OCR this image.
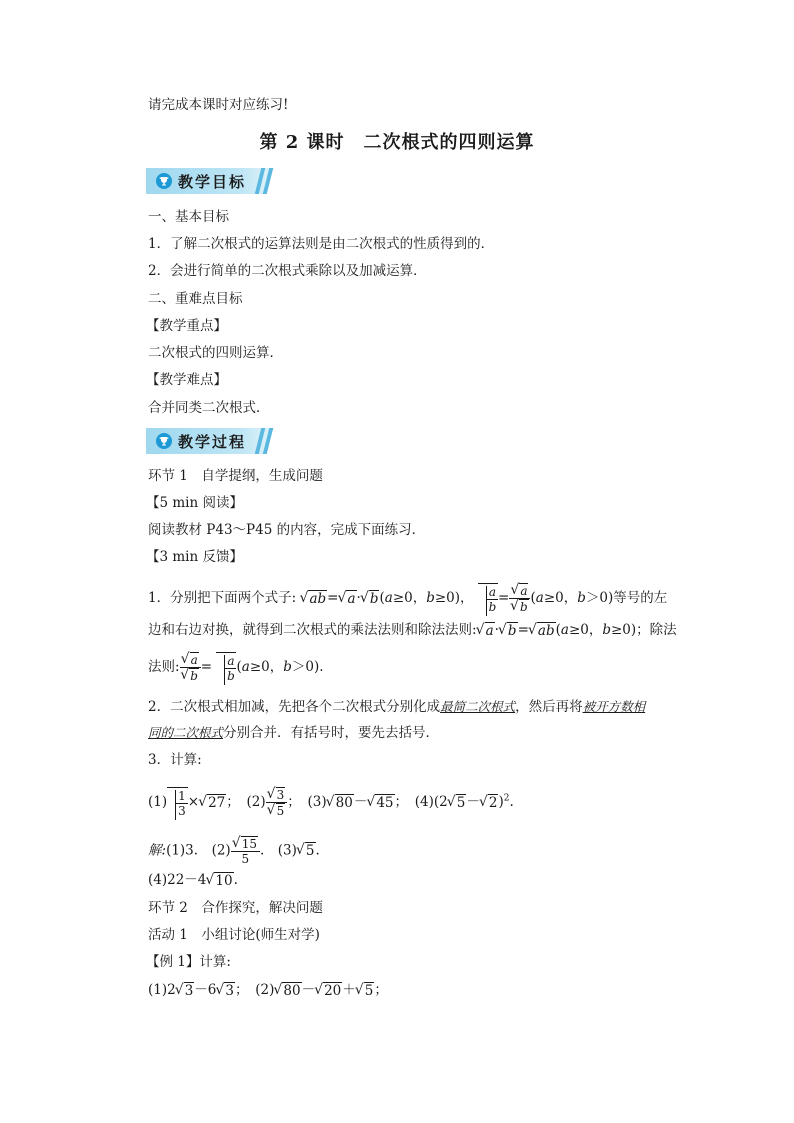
请完成本课时对应练习!
第 2 课时　二次根式的四则运算
教学目标
一、基本目标
1．了解二次根式的运算法则是由二次根式的性质得到的．
2．会进行简单的二次根式乘除以及加减运算．
二、重难点目标
【教学重点】
二次根式的四则运算．
【教学难点】
合并同类二次根式．
教学过程
环节 1　自学提纲，生成问题
【5 min 阅读】
阅读教材 P43～P45 的内容，完成下面练习．
【3 min 反馈】
1．分别把下面两个式子: √ ab= √ a· √ b(a≥0，b≥0)， $\frac{a}{b}$ = √ a
√ b (a≥0，b＞0)等号的左
边和右边对换，就得到二次根式的乘法法则和除法法则: √ a· √ b= √ ab(a≥0，b≥0)；除法
法则: √ a
√ $b = \frac{a}{b} (a\ge 0$，b＞0).
2．二次根式相加减，先把各个二次根式分别化成最简二次根式，然后再将被开方数相
同的二次根式分别合并．有括号时，要先去括号．
3．计算:
$(1) \frac{1}{3}$ × √ 27；　(2) √ 3
√ 5 ；　(3) √ 80－ √ 45；　(4)(2 √ 5－ √ 2)$^2$.
解:(1)3.　(2) √ $\frac{15}{5}$ .　(3) √ 5.
(4)22－4 √ 10.
环节 2　合作探究，解决问题
活动 1　小组讨论(师生对学)
【例 1】计算:
(1)2 √ 3－6 √ 3；　(2) √ 80－ √ 20＋ √ 5；
